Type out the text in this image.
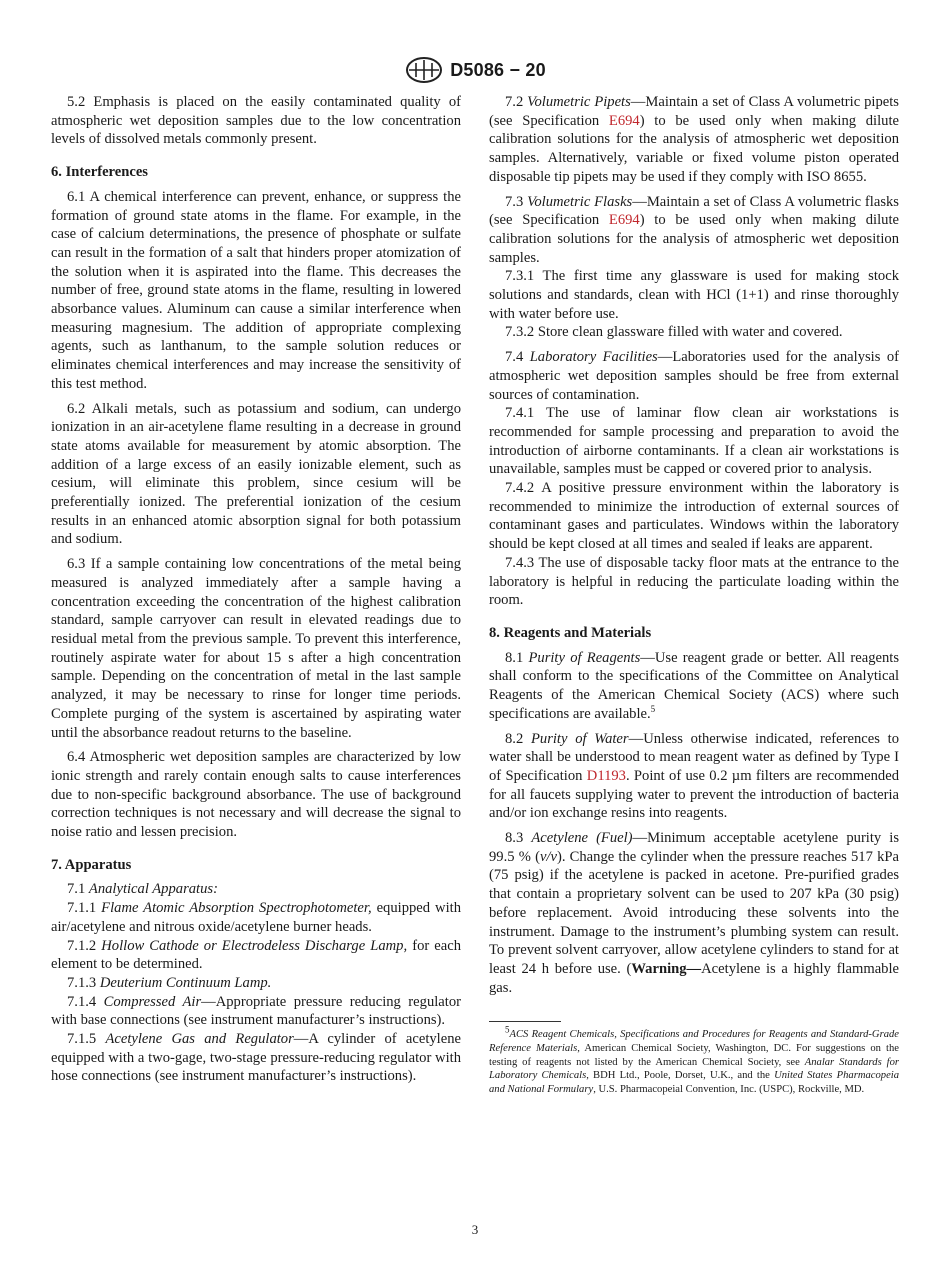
D5086 − 20

5.2 Emphasis is placed on the easily contaminated quality of atmospheric wet deposition samples due to the low concentration levels of dissolved metals commonly present.

6. Interferences

6.1 A chemical interference can prevent, enhance, or suppress the formation of ground state atoms in the flame. For example, in the case of calcium determinations, the presence of phosphate or sulfate can result in the formation of a salt that hinders proper atomization of the solution when it is aspirated into the flame. This decreases the number of free, ground state atoms in the flame, resulting in lowered absorbance values. Aluminum can cause a similar interference when measuring magnesium. The addition of appropriate complexing agents, such as lanthanum, to the sample solution reduces or eliminates chemical interferences and may increase the sensitivity of this test method.

6.2 Alkali metals, such as potassium and sodium, can undergo ionization in an air-acetylene flame resulting in a decrease in ground state atoms available for measurement by atomic absorption. The addition of a large excess of an easily ionizable element, such as cesium, will eliminate this problem, since cesium will be preferentially ionized. The preferential ionization of the cesium results in an enhanced atomic absorption signal for both potassium and sodium.

6.3 If a sample containing low concentrations of the metal being measured is analyzed immediately after a sample having a concentration exceeding the concentration of the highest calibration standard, sample carryover can result in elevated readings due to residual metal from the previous sample. To prevent this interference, routinely aspirate water for about 15 s after a high concentration sample. Depending on the concentration of metal in the last sample analyzed, it may be necessary to rinse for longer time periods. Complete purging of the system is ascertained by aspirating water until the absorbance readout returns to the baseline.

6.4 Atmospheric wet deposition samples are characterized by low ionic strength and rarely contain enough salts to cause interferences due to non-specific background absorbance. The use of background correction techniques is not necessary and will decrease the signal to noise ratio and lessen precision.

7. Apparatus

7.1 Analytical Apparatus:

7.1.1 Flame Atomic Absorption Spectrophotometer, equipped with air/acetylene and nitrous oxide/acetylene burner heads.

7.1.2 Hollow Cathode or Electrodeless Discharge Lamp, for each element to be determined.

7.1.3 Deuterium Continuum Lamp.

7.1.4 Compressed Air—Appropriate pressure reducing regulator with base connections (see instrument manufacturer’s instructions).

7.1.5 Acetylene Gas and Regulator—A cylinder of acetylene equipped with a two-gage, two-stage pressure-reducing regulator with hose connections (see instrument manufacturer’s instructions).

7.2 Volumetric Pipets—Maintain a set of Class A volumetric pipets (see Specification E694) to be used only when making dilute calibration solutions for the analysis of atmospheric wet deposition samples. Alternatively, variable or fixed volume piston operated disposable tip pipets may be used if they comply with ISO 8655.

7.3 Volumetric Flasks—Maintain a set of Class A volumetric flasks (see Specification E694) to be used only when making dilute calibration solutions for the analysis of atmospheric wet deposition samples.

7.3.1 The first time any glassware is used for making stock solutions and standards, clean with HCl (1+1) and rinse thoroughly with water before use.

7.3.2 Store clean glassware filled with water and covered.

7.4 Laboratory Facilities—Laboratories used for the analysis of atmospheric wet deposition samples should be free from external sources of contamination.

7.4.1 The use of laminar flow clean air workstations is recommended for sample processing and preparation to avoid the introduction of airborne contaminants. If a clean air workstations is unavailable, samples must be capped or covered prior to analysis.

7.4.2 A positive pressure environment within the laboratory is recommended to minimize the introduction of external sources of contaminant gases and particulates. Windows within the laboratory should be kept closed at all times and sealed if leaks are apparent.

7.4.3 The use of disposable tacky floor mats at the entrance to the laboratory is helpful in reducing the particulate loading within the room.

8. Reagents and Materials

8.1 Purity of Reagents—Use reagent grade or better. All reagents shall conform to the specifications of the Committee on Analytical Reagents of the American Chemical Society (ACS) where such specifications are available.$^5$

8.2 Purity of Water—Unless otherwise indicated, references to water shall be understood to mean reagent water as defined by Type I of Specification D1193. Point of use 0.2 µm filters are recommended for all faucets supplying water to prevent the introduction of bacteria and/or ion exchange resins into reagents.

8.3 Acetylene (Fuel)—Minimum acceptable acetylene purity is 99.5 % (v/v). Change the cylinder when the pressure reaches 517 kPa (75 psig) if the acetylene is packed in acetone. Pre-purified grades that contain a proprietary solvent can be used to 207 kPa (30 psig) before replacement. Avoid introducing these solvents into the instrument. Damage to the instrument’s plumbing system can result. To prevent solvent carryover, allow acetylene cylinders to stand for at least 24 h before use. (Warning—Acetylene is a highly flammable gas.

$^5$ACS Reagent Chemicals, Specifications and Procedures for Reagents and Standard-Grade Reference Materials, American Chemical Society, Washington, DC. For suggestions on the testing of reagents not listed by the American Chemical Society, see Analar Standards for Laboratory Chemicals, BDH Ltd., Poole, Dorset, U.K., and the United States Pharmacopeia and National Formulary, U.S. Pharmacopeial Convention, Inc. (USPC), Rockville, MD.

3
